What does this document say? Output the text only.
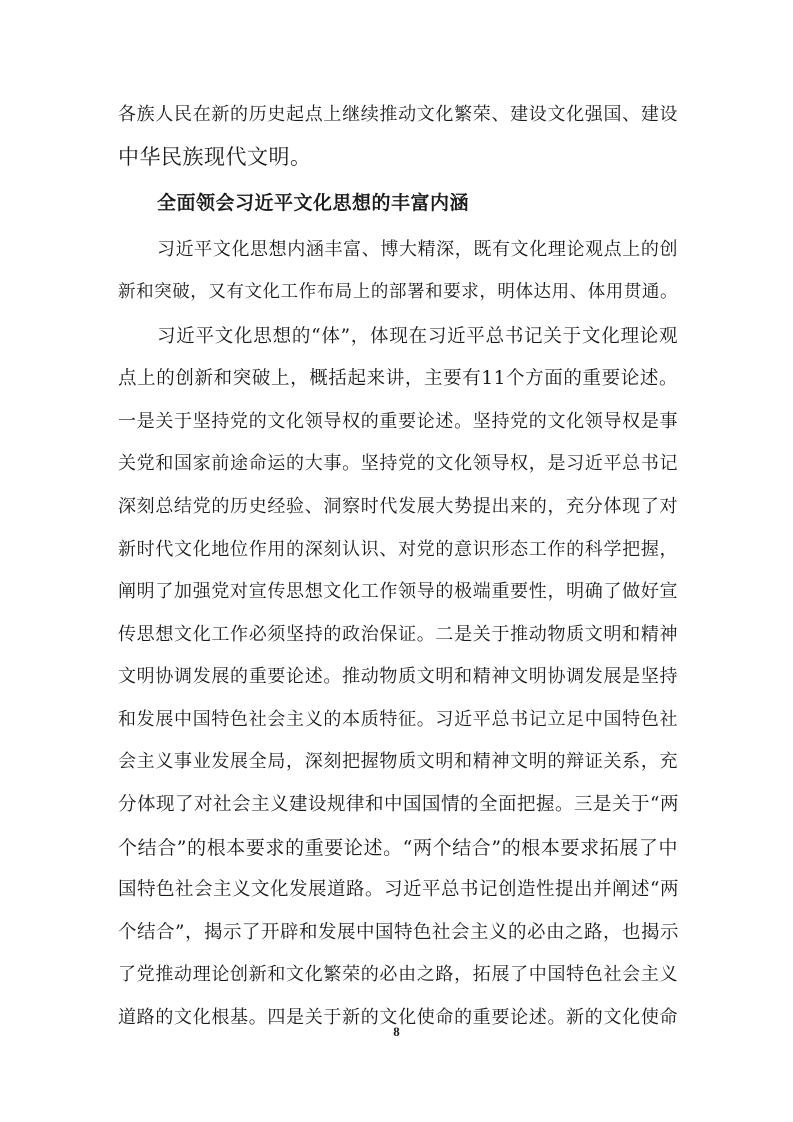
各族人民在新的历史起点上继续推动文化繁荣、建设文化强国、建设
中华民族现代文明。
全面领会习近平文化思想的丰富内涵
习近平文化思想内涵丰富、博大精深，既有文化理论观点上的创
新和突破，又有文化工作布局上的部署和要求，明体达用、体用贯通。
习近平文化思想的“体”，体现在习近平总书记关于文化理论观
点上的创新和突破上，概括起来讲，主要有11个方面的重要论述。
一是关于坚持党的文化领导权的重要论述。坚持党的文化领导权是事
关党和国家前途命运的大事。坚持党的文化领导权，是习近平总书记
深刻总结党的历史经验、洞察时代发展大势提出来的，充分体现了对
新时代文化地位作用的深刻认识、对党的意识形态工作的科学把握，
阐明了加强党对宣传思想文化工作领导的极端重要性，明确了做好宣
传思想文化工作必须坚持的政治保证。二是关于推动物质文明和精神
文明协调发展的重要论述。推动物质文明和精神文明协调发展是坚持
和发展中国特色社会主义的本质特征。习近平总书记立足中国特色社
会主义事业发展全局，深刻把握物质文明和精神文明的辩证关系，充
分体现了对社会主义建设规律和中国国情的全面把握。三是关于“两
个结合”的根本要求的重要论述。“两个结合”的根本要求拓展了中
国特色社会主义文化发展道路。习近平总书记创造性提出并阐述“两
个结合”，揭示了开辟和发展中国特色社会主义的必由之路，也揭示
了党推动理论创新和文化繁荣的必由之路，拓展了中国特色社会主义
道路的文化根基。四是关于新的文化使命的重要论述。新的文化使命
8
